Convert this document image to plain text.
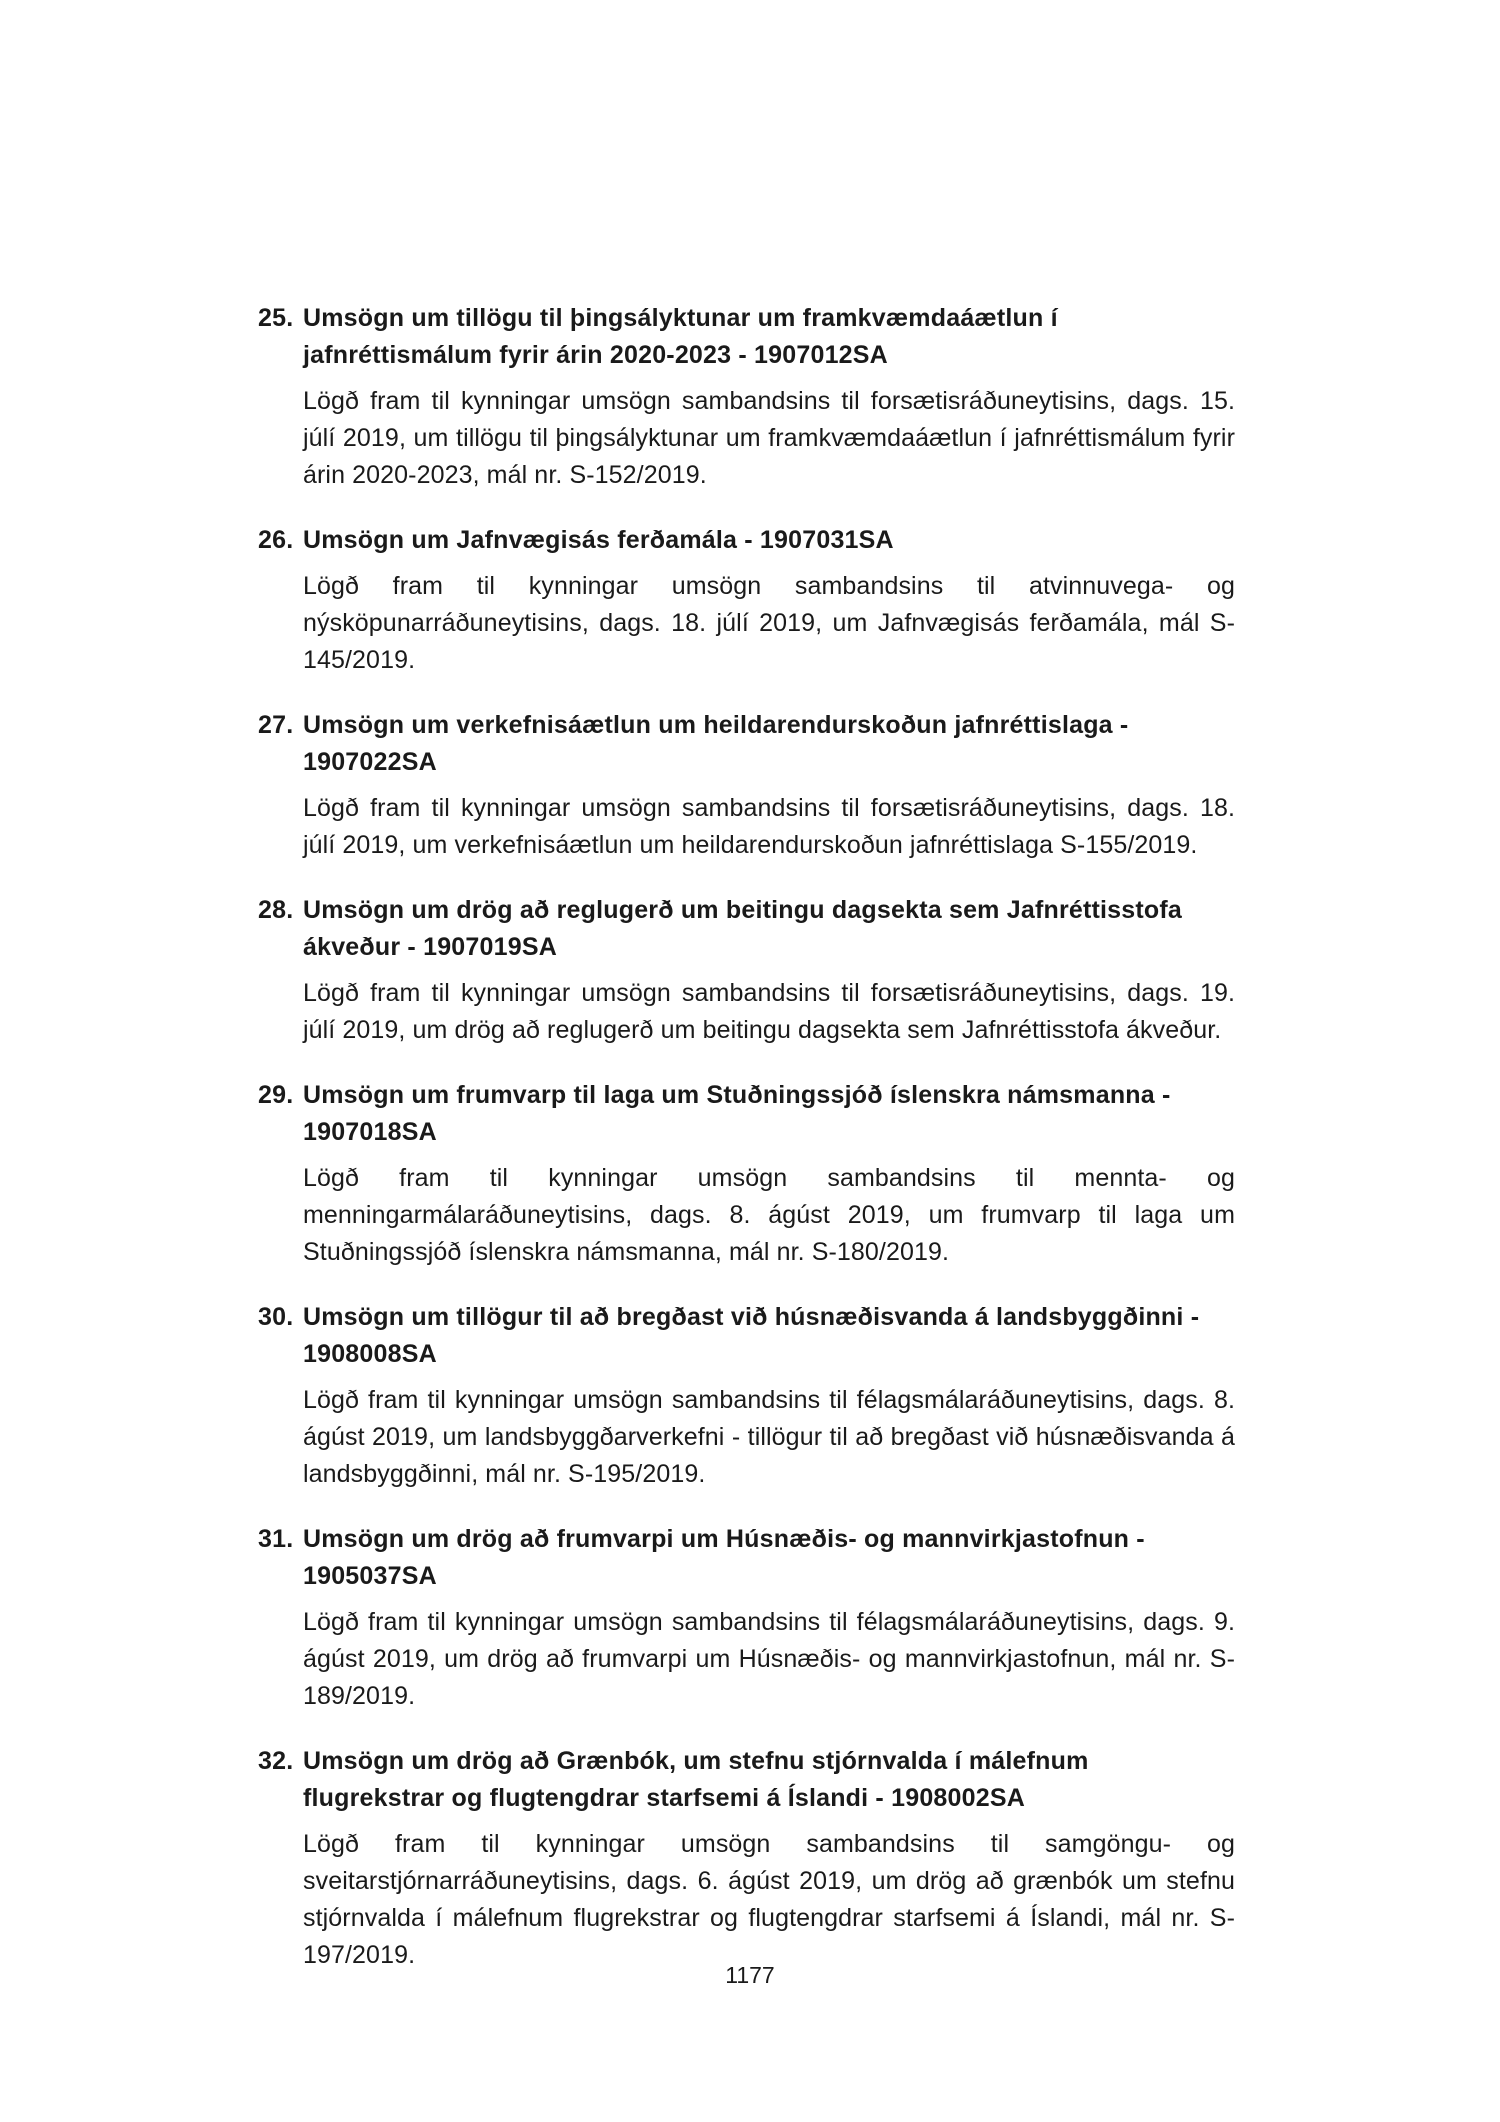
25. Umsögn um tillögu til þingsályktunar um framkvæmdaáætlun í jafnréttismálum fyrir árin 2020-2023 - 1907012SA

Lögð fram til kynningar umsögn sambandsins til forsætisráðuneytisins, dags. 15. júlí 2019, um tillögu til þingsályktunar um framkvæmdaáætlun í jafnréttismálum fyrir árin 2020-2023, mál nr. S-152/2019.

26. Umsögn um Jafnvægisás ferðamála - 1907031SA

Lögð fram til kynningar umsögn sambandsins til atvinnuvega- og nýsköpunarráðuneytisins, dags. 18. júlí 2019, um Jafnvægisás ferðamála, mál S-145/2019.

27. Umsögn um verkefnisáætlun um heildarendurskoðun jafnréttislaga - 1907022SA

Lögð fram til kynningar umsögn sambandsins til forsætisráðuneytisins, dags. 18. júlí 2019, um verkefnisáætlun um heildarendurskoðun jafnréttislaga S-155/2019.

28. Umsögn um drög að reglugerð um beitingu dagsekta sem Jafnréttisstofa ákveður - 1907019SA

Lögð fram til kynningar umsögn sambandsins til forsætisráðuneytisins, dags. 19. júlí 2019, um drög að reglugerð um beitingu dagsekta sem Jafnréttisstofa ákveður.

29. Umsögn um frumvarp til laga um Stuðningssjóð íslenskra námsmanna - 1907018SA

Lögð fram til kynningar umsögn sambandsins til mennta- og menningarmálaráðuneytisins, dags. 8. ágúst 2019, um frumvarp til laga um Stuðningssjóð íslenskra námsmanna, mál nr. S-180/2019.

30. Umsögn um tillögur til að bregðast við húsnæðisvanda á landsbyggðinni - 1908008SA

Lögð fram til kynningar umsögn sambandsins til félagsmálaráðuneytisins, dags. 8. ágúst 2019, um landsbyggðarverkefni - tillögur til að bregðast við húsnæðisvanda á landsbyggðinni, mál nr. S-195/2019.

31. Umsögn um drög að frumvarpi um Húsnæðis- og mannvirkjastofnun - 1905037SA

Lögð fram til kynningar umsögn sambandsins til félagsmálaráðuneytisins, dags. 9. ágúst 2019, um drög að frumvarpi um Húsnæðis- og mannvirkjastofnun, mál nr. S-189/2019.

32. Umsögn um drög að Grænbók, um stefnu stjórnvalda í málefnum flugrekstrar og flugtengdrar starfsemi á Íslandi - 1908002SA

Lögð fram til kynningar umsögn sambandsins til samgöngu- og sveitarstjórnarráðuneytisins, dags. 6. ágúst 2019, um drög að grænbók um stefnu stjórnvalda í málefnum flugrekstrar og flugtengdrar starfsemi á Íslandi, mál nr. S-197/2019.

1177
